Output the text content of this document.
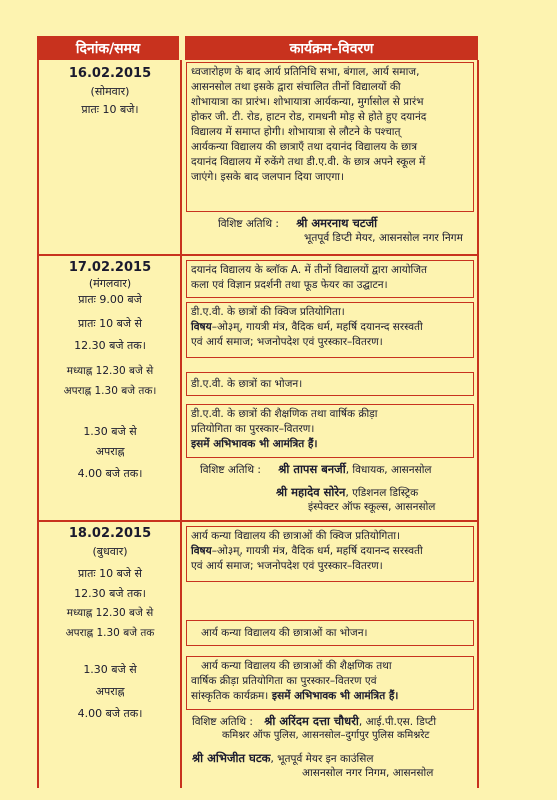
दिनांक/समय	कार्यक्रम–विवरण
16.02.2015
(सोमवार)
प्रातः 10 बजे।
ध्वजारोहण के बाद आर्य प्रतिनिधि सभा, बंगाल, आर्य समाज,
आसनसोल तथा इसके द्वारा संचालित तीनों विद्यालयों की
शोभायात्रा का प्रारंभ। शोभायात्रा आर्यकन्या, मुर्गासोल से प्रारंभ
होकर जी. टी. रोड, हाटन रोड, रामधनी मोड़ से होते हुए दयानंद
विद्यालय में समाप्त होगी। शोभायात्रा से लौटने के पश्चात्
आर्यकन्या विद्यालय की छात्राएँ तथा दयानंद विद्यालय के छात्र
दयानंद विद्यालय में रुकेंगे तथा डी.ए.वी. के छात्र अपने स्कूल में
जाएंगे। इसके बाद जलपान दिया जाएगा।
विशिष्ट अतिथि : श्री अमरनाथ चटर्जी
भूतपूर्व डिप्टी मेयर, आसनसोल नगर निगम
17.02.2015
(मंगलवार)
प्रातः 9.00 बजे
प्रातः 10 बजे से
12.30 बजे तक।
मध्याह्न 12.30 बजे से
अपराह्न 1.30 बजे तक।
1.30 बजे से
अपराह्न
4.00 बजे तक।
दयानंद विद्यालय के ब्लॉक A. में तीनों विद्यालयों द्वारा आयोजित
कला एवं विज्ञान प्रदर्शनी तथा फूड फेयर का उद्घाटन।
डी.ए.वी. के छात्रों की क्विज प्रतियोगिता।
विषय–ओ३म्, गायत्री मंत्र, वैदिक धर्म, महर्षि दयानन्द सरस्वती
एवं आर्य समाज; भजनोपदेश एवं पुरस्कार–वितरण।
डी.ए.वी. के छात्रों का भोजन।
डी.ए.वी. के छात्रों की शैक्षणिक तथा वार्षिक क्रीड़ा
प्रतियोगिता का पुरस्कार–वितरण।
इसमें अभिभावक भी आमंत्रित हैं।
विशिष्ट अतिथि : श्री तापस बनर्जी, विधायक, आसनसोल
श्री महादेव सोरेन, एडिशनल डिस्ट्रिक
इंस्पेक्टर ऑफ स्कूल्स, आसनसोल
18.02.2015
(बुधवार)
प्रातः 10 बजे से
12.30 बजे तक।
मध्याह्न 12.30 बजे से
अपराह्न 1.30 बजे तक
1.30 बजे से
अपराह्न
4.00 बजे तक।
आर्य कन्या विद्यालय की छात्राओं की क्विज प्रतियोगिता।
विषय–ओ३म्, गायत्री मंत्र, वैदिक धर्म, महर्षि दयानन्द सरस्वती
एवं आर्य समाज; भजनोपदेश एवं पुरस्कार–वितरण।
आर्य कन्या विद्यालय की छात्राओं का भोजन।
आर्य कन्या विद्यालय की छात्राओं की शैक्षणिक तथा
वार्षिक क्रीड़ा प्रतियोगिता का पुरस्कार–वितरण एवं
सांस्कृतिक कार्यक्रम। इसमें अभिभावक भी आमंत्रित हैं।
विशिष्ट अतिथि : श्री अरिंदम दत्ता चौधरी, आई.पी.एस. डिप्टी
कमिश्नर ऑफ पुलिस, आसनसोल–दुर्गापुर पुलिस कमिश्नरेट
श्री अभिजीत घटक, भूतपूर्व मेयर इन काउंसिल
आसनसोल नगर निगम, आसनसोल
